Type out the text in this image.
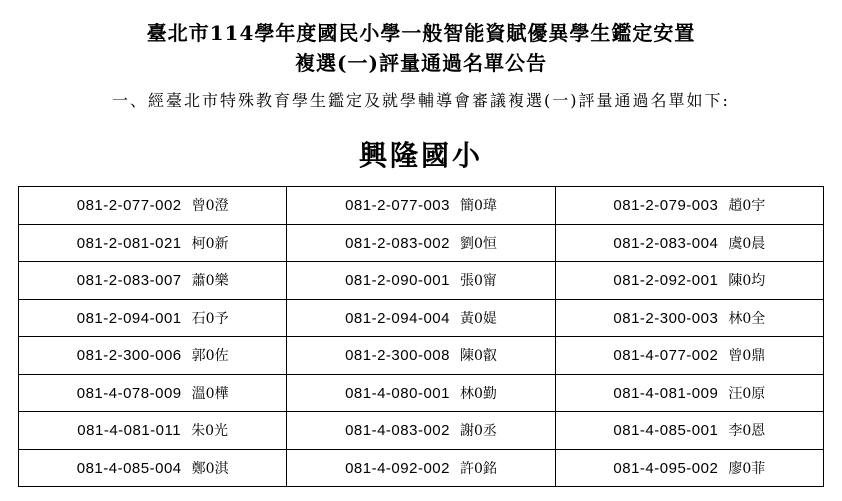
臺北市114學年度國民小學一般智能資賦優異學生鑑定安置
複選(一)評量通過名單公告

一、經臺北市特殊教育學生鑑定及就學輔導會審議複選(一)評量通過名單如下:

興隆國小
081-2-077-002 曾0澄	081-2-077-003 簡0瑋	081-2-079-003 趙0宇
081-2-081-021 柯0新	081-2-083-002 劉0恒	081-2-083-004 虞0晨
081-2-083-007 蕭0樂	081-2-090-001 張0甯	081-2-092-001 陳0均
081-2-094-001 石0予	081-2-094-004 黃0媞	081-2-300-003 林0全
081-2-300-006 郭0佐	081-2-300-008 陳0叡	081-4-077-002 曾0鼎
081-4-078-009 溫0樺	081-4-080-001 林0勤	081-4-081-009 汪0原
081-4-081-011 朱0光	081-4-083-002 謝0丞	081-4-085-001 李0恩
081-4-085-004 鄭0淇	081-4-092-002 許0銘	081-4-095-002 廖0菲
